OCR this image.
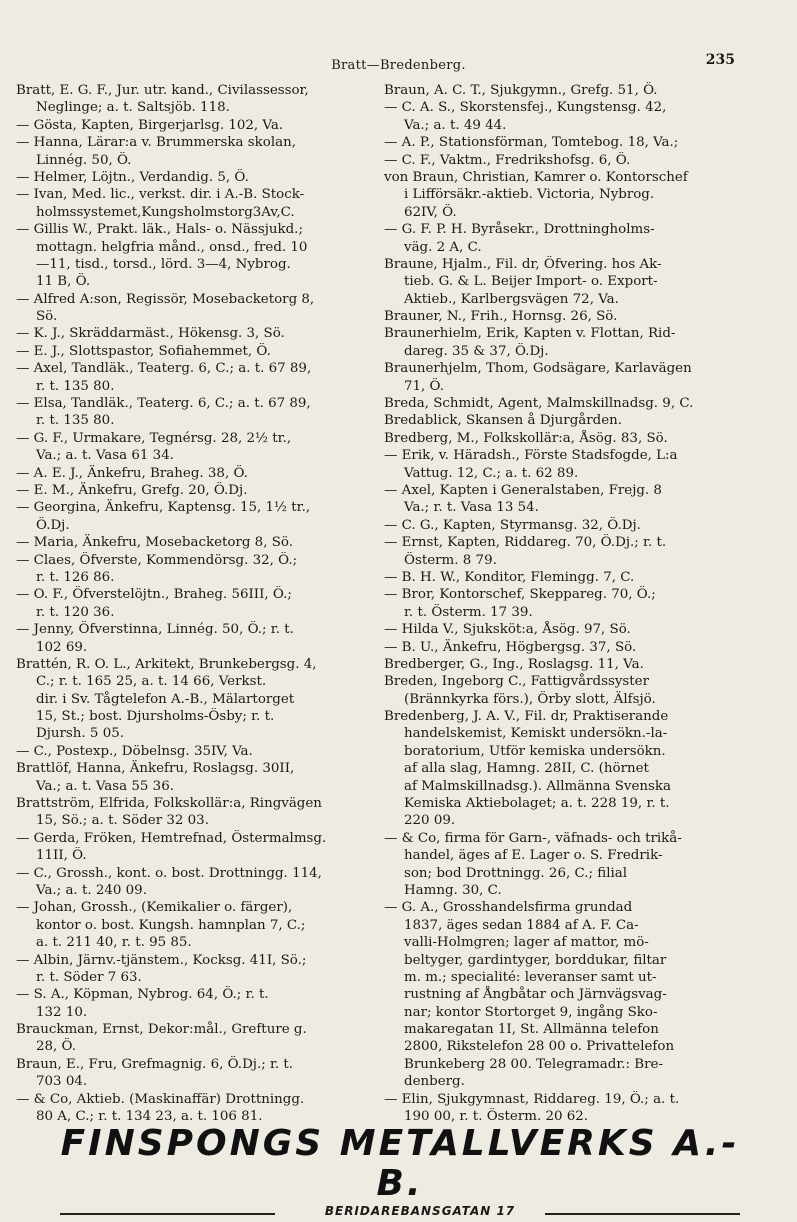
Bratt—Bredenberg.	235
Bratt, E. G. F., Jur. utr. kand., Civilassessor,
Neglinge; a. t. Saltsjöb. 118.
— Gösta, Kapten, Birgerjarlsg. 102, Va.
— Hanna, Lärar:a v. Brummerska skolan,
Linnég. 50, Ö.
— Helmer, Löjtn., Verdandig. 5, Ö.
— Ivan, Med. lic., verkst. dir. i A.-B. Stock-
holmssystemet,Kungsholmstorg3Av,C.
— Gillis W., Prakt. läk., Hals- o. Nässjukd.;
mottagn. helgfria månd., onsd., fred. 10
—11, tisd., torsd., lörd. 3—4, Nybrog.
11 B, Ö.
— Alfred A:son, Regissör, Mosebacketorg 8,
Sö.
— K. J., Skräddarmäst., Hökensg. 3, Sö.
— E. J., Slottspastor, Sofiahemmet, Ö.
— Axel, Tandläk., Teaterg. 6, C.; a. t. 67 89,
r. t. 135 80.
— Elsa, Tandläk., Teaterg. 6, C.; a. t. 67 89,
r. t. 135 80.
— G. F., Urmakare, Tegnérsg. 28, 2½ tr.,
Va.; a. t. Vasa 61 34.
— A. E. J., Änkefru, Braheg. 38, Ö.
— E. M., Änkefru, Grefg. 20, Ö.Dj.
— Georgina, Änkefru, Kaptensg. 15, 1½ tr.,
Ö.Dj.
— Maria, Änkefru, Mosebacketorg 8, Sö.
— Claes, Öfverste, Kommendörsg. 32, Ö.;
r. t. 126 86.
— O. F., Öfverstelöjtn., Braheg. 56III, Ö.;
r. t. 120 36.
— Jenny, Öfverstinna, Linnég. 50, Ö.; r. t.
102 69.
Brattén, R. O. L., Arkitekt, Brunkebergsg. 4,
C.; r. t. 165 25, a. t. 14 66, Verkst.
dir. i Sv. Tågtelefon A.-B., Mälartorget
15, St.; bost. Djursholms-Ösby; r. t.
Djursh. 5 05.
— C., Postexp., Döbelnsg. 35IV, Va.
Brattlöf, Hanna, Änkefru, Roslagsg. 30II,
Va.; a. t. Vasa 55 36.
Brattström, Elfrida, Folkskollär:a, Ringvägen
15, Sö.; a. t. Söder 32 03.
— Gerda, Fröken, Hemtrefnad, Östermalmsg.
11II, Ö.
— C., Grossh., kont. o. bost. Drottningg. 114,
Va.; a. t. 240 09.
— Johan, Grossh., (Kemikalier o. färger),
kontor o. bost. Kungsh. hamnplan 7, C.;
a. t. 211 40, r. t. 95 85.
— Albin, Järnv.-tjänstem., Kocksg. 41I, Sö.;
r. t. Söder 7 63.
— S. A., Köpman, Nybrog. 64, Ö.; r. t.
132 10.
Brauckman, Ernst, Dekor:mål., Grefture g.
28, Ö.
Braun, E., Fru, Grefmagnig. 6, Ö.Dj.; r. t.
703 04.
— & Co, Aktieb. (Maskinaffär) Drottningg.
80 A, C.; r. t. 134 23, a. t. 106 81.
Braun, A. C. T., Sjukgymn., Grefg. 51, Ö.
— C. A. S., Skorstensfej., Kungstensg. 42,
Va.; a. t. 49 44.
— A. P., Stationsförman, Tomtebog. 18, Va.;
— C. F., Vaktm., Fredrikshofsg. 6, Ö.
von Braun, Christian, Kamrer o. Kontorschef
i Lifförsäkr.-aktieb. Victoria, Nybrog.
62IV, Ö.
— G. F. P. H. Byråsekr., Drottningholms-
väg. 2 A, C.
Braune, Hjalm., Fil. dr, Öfvering. hos Ak-
tieb. G. & L. Beijer Import- o. Export-
Aktieb., Karlbergsvägen 72, Va.
Brauner, N., Frih., Hornsg. 26, Sö.
Braunerhielm, Erik, Kapten v. Flottan, Rid-
dareg. 35 & 37, Ö.Dj.
Braunerhjelm, Thom, Godsägare, Karlavägen
71, Ö.
Breda, Schmidt, Agent, Malmskillnadsg. 9, C.
Bredablick, Skansen å Djurgården.
Bredberg, M., Folkskollär:a, Åsög. 83, Sö.
— Erik, v. Häradsh., Förste Stadsfogde, L:a
Vattug. 12, C.; a. t. 62 89.
— Axel, Kapten i Generalstaben, Frejg. 8
Va.; r. t. Vasa 13 54.
— C. G., Kapten, Styrmansg. 32, Ö.Dj.
— Ernst, Kapten, Riddareg. 70, Ö.Dj.; r. t.
Österm. 8 79.
— B. H. W., Konditor, Flemingg. 7, C.
— Bror, Kontorschef, Skeppareg. 70, Ö.;
r. t. Österm. 17 39.
— Hilda V., Sjuksköt:a, Åsög. 97, Sö.
— B. U., Änkefru, Högbergsg. 37, Sö.
Bredberger, G., Ing., Roslagsg. 11, Va.
Breden, Ingeborg C., Fattigvårdssyster
(Brännkyrka förs.), Örby slott, Älfsjö.
Bredenberg, J. A. V., Fil. dr, Praktiserande
handelskemist, Kemiskt undersökn.-la-
boratorium, Utför kemiska undersökn.
af alla slag, Hamng. 28II, C. (hörnet
af Malmskillnadsg.). Allmänna Svenska
Kemiska Aktiebolaget; a. t. 228 19, r. t.
220 09.
— & Co, firma för Garn-, väfnads- och trikå-
handel, äges af E. Lager o. S. Fredrik-
son; bod Drottningg. 26, C.; filial
Hamng. 30, C.
— G. A., Grosshandelsfirma grundad
1837, äges sedan 1884 af A. F. Ca-
valli-Holmgren; lager af mattor, mö-
beltyger, gardintyger, borddukar, filtar
m. m.; specialité: leveranser samt ut-
rustning af Ångbåtar och Järnvägsvag-
nar; kontor Stortorget 9, ingång Sko-
makaregatan 1I, St. Allmänna telefon
2800, Rikstelefon 28 00 o. Privattelefon
Brunkeberg 28 00. Telegramadr.: Bre-
denberg.
— Elin, Sjukgymnast, Riddareg. 19, Ö.; a. t.
190 00, r. t. Österm. 20 62.
FINSPONGS METALLVERKS A.-B.
BERIDAREBANSGATAN 17
